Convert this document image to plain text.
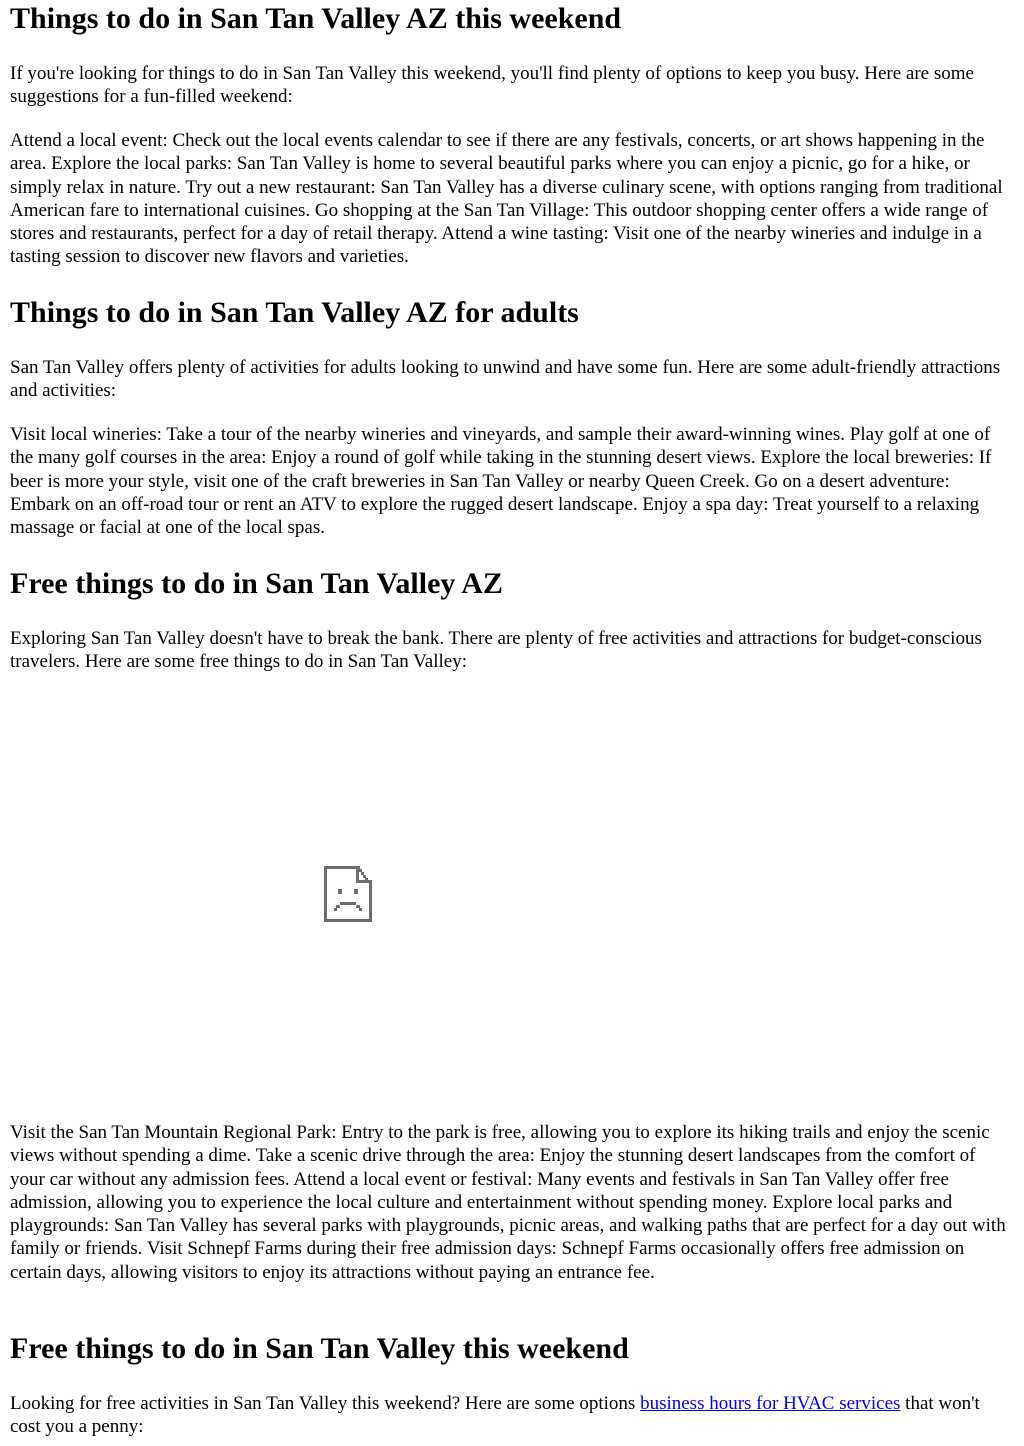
Things to do in San Tan Valley AZ this weekend

If you're looking for things to do in San Tan Valley this weekend, you'll find plenty of options to keep you busy. Here are some suggestions for a fun-filled weekend:

Attend a local event: Check out the local events calendar to see if there are any festivals, concerts, or art shows happening in the area. Explore the local parks: San Tan Valley is home to several beautiful parks where you can enjoy a picnic, go for a hike, or simply relax in nature. Try out a new restaurant: San Tan Valley has a diverse culinary scene, with options ranging from traditional American fare to international cuisines. Go shopping at the San Tan Village: This outdoor shopping center offers a wide range of stores and restaurants, perfect for a day of retail therapy. Attend a wine tasting: Visit one of the nearby wineries and indulge in a tasting session to discover new flavors and varieties.

Things to do in San Tan Valley AZ for adults

San Tan Valley offers plenty of activities for adults looking to unwind and have some fun. Here are some adult-friendly attractions and activities:

Visit local wineries: Take a tour of the nearby wineries and vineyards, and sample their award-winning wines. Play golf at one of the many golf courses in the area: Enjoy a round of golf while taking in the stunning desert views. Explore the local breweries: If beer is more your style, visit one of the craft breweries in San Tan Valley or nearby Queen Creek. Go on a desert adventure: Embark on an off-road tour or rent an ATV to explore the rugged desert landscape. Enjoy a spa day: Treat yourself to a relaxing massage or facial at one of the local spas.

Free things to do in San Tan Valley AZ

Exploring San Tan Valley doesn't have to break the bank. There are plenty of free activities and attractions for budget-conscious travelers. Here are some free things to do in San Tan Valley:

Visit the San Tan Mountain Regional Park: Entry to the park is free, allowing you to explore its hiking trails and enjoy the scenic views without spending a dime. Take a scenic drive through the area: Enjoy the stunning desert landscapes from the comfort of your car without any admission fees. Attend a local event or festival: Many events and festivals in San Tan Valley offer free admission, allowing you to experience the local culture and entertainment without spending money. Explore local parks and playgrounds: San Tan Valley has several parks with playgrounds, picnic areas, and walking paths that are perfect for a day out with family or friends. Visit Schnepf Farms during their free admission days: Schnepf Farms occasionally offers free admission on certain days, allowing visitors to enjoy its attractions without paying an entrance fee.

Free things to do in San Tan Valley this weekend

Looking for free activities in San Tan Valley this weekend? Here are some options business hours for HVAC services that won't cost you a penny:
